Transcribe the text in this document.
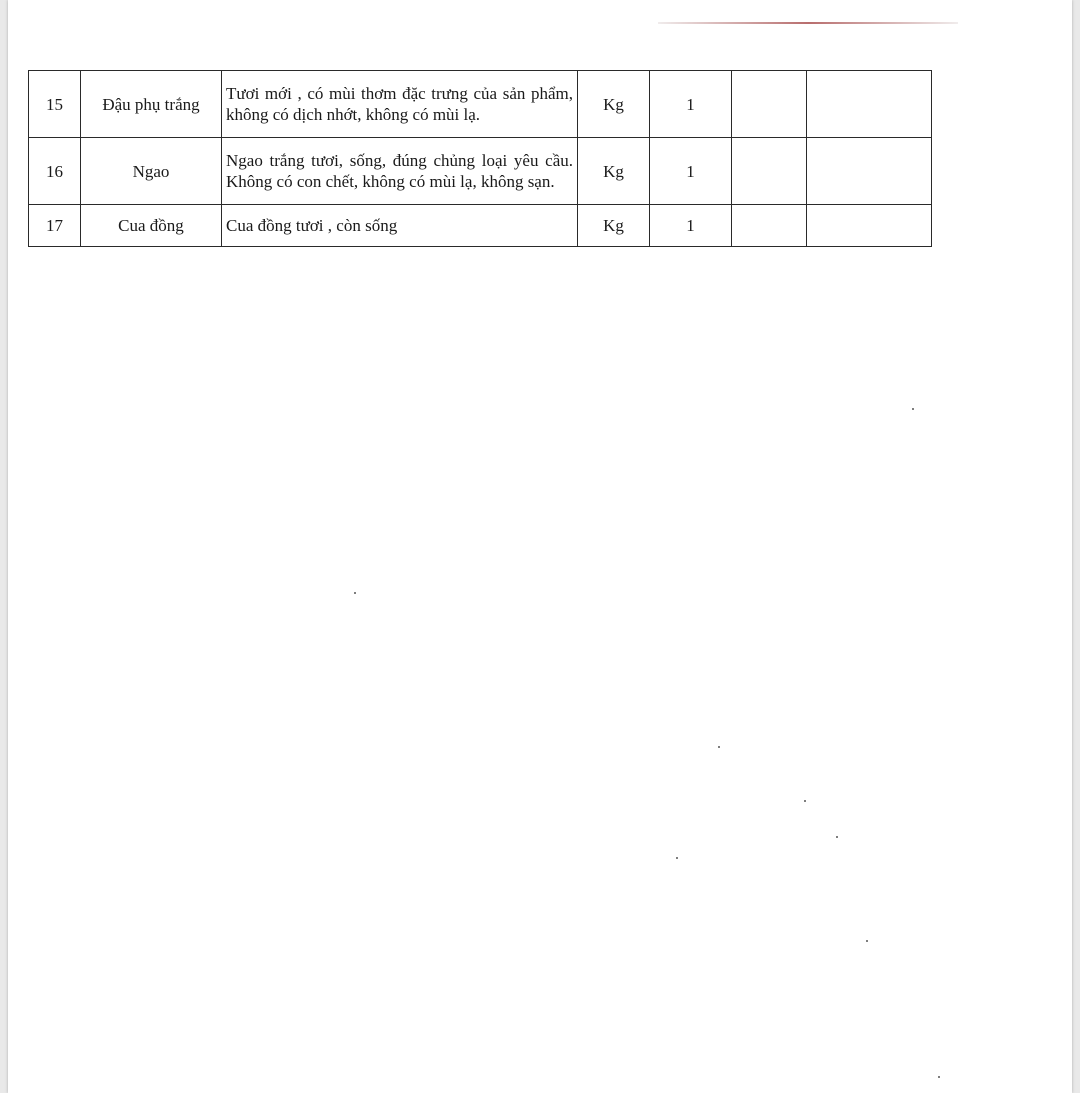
15	Đậu phụ trắng	Tươi mới , có mùi thơm đặc trưng của sản phẩm, không có dịch nhớt, không có mùi lạ.	Kg	1		
16	Ngao	Ngao trắng tươi, sống, đúng chủng loại yêu cầu. Không có con chết, không có mùi lạ, không sạn.	Kg	1		
17	Cua đồng	Cua đồng tươi , còn sống	Kg	1		
